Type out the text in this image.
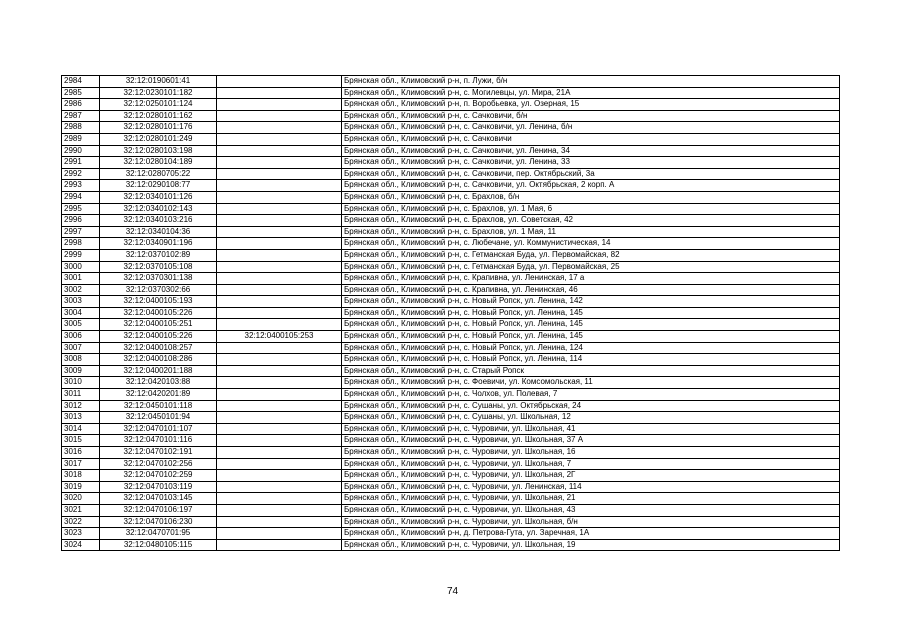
2984	32:12:0190601:41		Брянская обл., Климовский р-н, п. Лужи, б/н
2985	32:12:0230101:182		Брянская обл., Климовский р-н, с. Могилевцы, ул. Мира, 21А
2986	32:12:0250101:124		Брянская обл., Климовский р-н, п. Воробьевка, ул. Озерная, 15
2987	32:12:0280101:162		Брянская обл., Климовский р-н, с. Сачковичи, б/н
2988	32:12:0280101:176		Брянская обл., Климовский р-н, с. Сачковичи, ул. Ленина, б/н
2989	32:12:0280101:249		Брянская обл., Климовский р-н, с. Сачковичи
2990	32:12:0280103:198		Брянская обл., Климовский р-н, с. Сачковичи, ул. Ленина, 34
2991	32:12:0280104:189		Брянская обл., Климовский р-н, с. Сачковичи, ул. Ленина, 33
2992	32:12:0280705:22		Брянская обл., Климовский р-н, с. Сачковичи, пер. Октябрьский, 3а
2993	32:12:0290108:77		Брянская обл., Климовский р-н, с. Сачковичи, ул. Октябрьская, 2 корп. А
2994	32:12:0340101:126		Брянская обл., Климовский р-н, с. Брахлов, б/н
2995	32:12:0340102:143		Брянская обл., Климовский р-н, с. Брахлов, ул. 1 Мая, 6
2996	32:12:0340103:216		Брянская обл., Климовский р-н, с. Брахлов, ул. Советская, 42
2997	32:12:0340104:36		Брянская обл., Климовский р-н, с. Брахлов, ул. 1 Мая, 11
2998	32:12:0340901:196		Брянская обл., Климовский р-н, с. Любечане, ул. Коммунистическая, 14
2999	32:12:0370102:89		Брянская обл., Климовский р-н, с. Гетманская Буда, ул. Первомайская, 82
3000	32:12:0370105:108		Брянская обл., Климовский р-н, с. Гетманская Буда, ул. Первомайская, 25
3001	32:12:0370301:138		Брянская обл., Климовский р-н, с. Крапивна, ул. Ленинская, 17 а
3002	32:12:0370302:66		Брянская обл., Климовский р-н, с. Крапивна, ул. Ленинская, 46
3003	32:12:0400105:193		Брянская обл., Климовский р-н, с. Новый Ропск, ул. Ленина, 142
3004	32:12:0400105:226		Брянская обл., Климовский р-н, с. Новый Ропск, ул. Ленина, 145
3005	32:12:0400105:251		Брянская обл., Климовский р-н, с. Новый Ропск, ул. Ленина, 145
3006	32:12:0400105:226	32:12:0400105:253	Брянская обл., Климовский р-н, с. Новый Ропск, ул. Ленина, 145
3007	32:12:0400108:257		Брянская обл., Климовский р-н, с. Новый Ропск, ул. Ленина, 124
3008	32:12:0400108:286		Брянская обл., Климовский р-н, с. Новый Ропск, ул. Ленина, 114
3009	32:12:0400201:188		Брянская обл., Климовский р-н, с. Старый Ропск
3010	32:12:0420103:88		Брянская обл., Климовский р-н, с. Фоевичи, ул. Комсомольская, 11
3011	32:12:0420201:89		Брянская обл., Климовский р-н, с. Чолхов, ул. Полевая, 7
3012	32:12:0450101:118		Брянская обл., Климовский р-н, с. Сушаны, ул. Октябрьская, 24
3013	32:12:0450101:94		Брянская обл., Климовский р-н, с. Сушаны, ул. Школьная, 12
3014	32:12:0470101:107		Брянская обл., Климовский р-н, с. Чуровичи, ул. Школьная, 41
3015	32:12:0470101:116		Брянская обл., Климовский р-н, с. Чуровичи, ул. Школьная, 37 А
3016	32:12:0470102:191		Брянская обл., Климовский р-н, с. Чуровичи, ул. Школьная, 16
3017	32:12:0470102:256		Брянская обл., Климовский р-н, с. Чуровичи, ул. Школьная, 7
3018	32:12:0470102:259		Брянская обл., Климовский р-н, с. Чуровичи, ул. Школьная, 2Г
3019	32:12:0470103:119		Брянская обл., Климовский р-н, с. Чуровичи, ул. Ленинская, 114
3020	32:12:0470103:145		Брянская обл., Климовский р-н, с. Чуровичи, ул. Школьная, 21
3021	32:12:0470106:197		Брянская обл., Климовский р-н, с. Чуровичи, ул. Школьная, 43
3022	32:12:0470106:230		Брянская обл., Климовский р-н, с. Чуровичи, ул. Школьная, б/н
3023	32:12:0470701:95		Брянская обл., Климовский р-н, д. Петрова-Гута, ул. Заречная, 1А
3024	32:12:0480105:115		Брянская обл., Климовский р-н, с. Чуровичи, ул. Школьная, 19
74
